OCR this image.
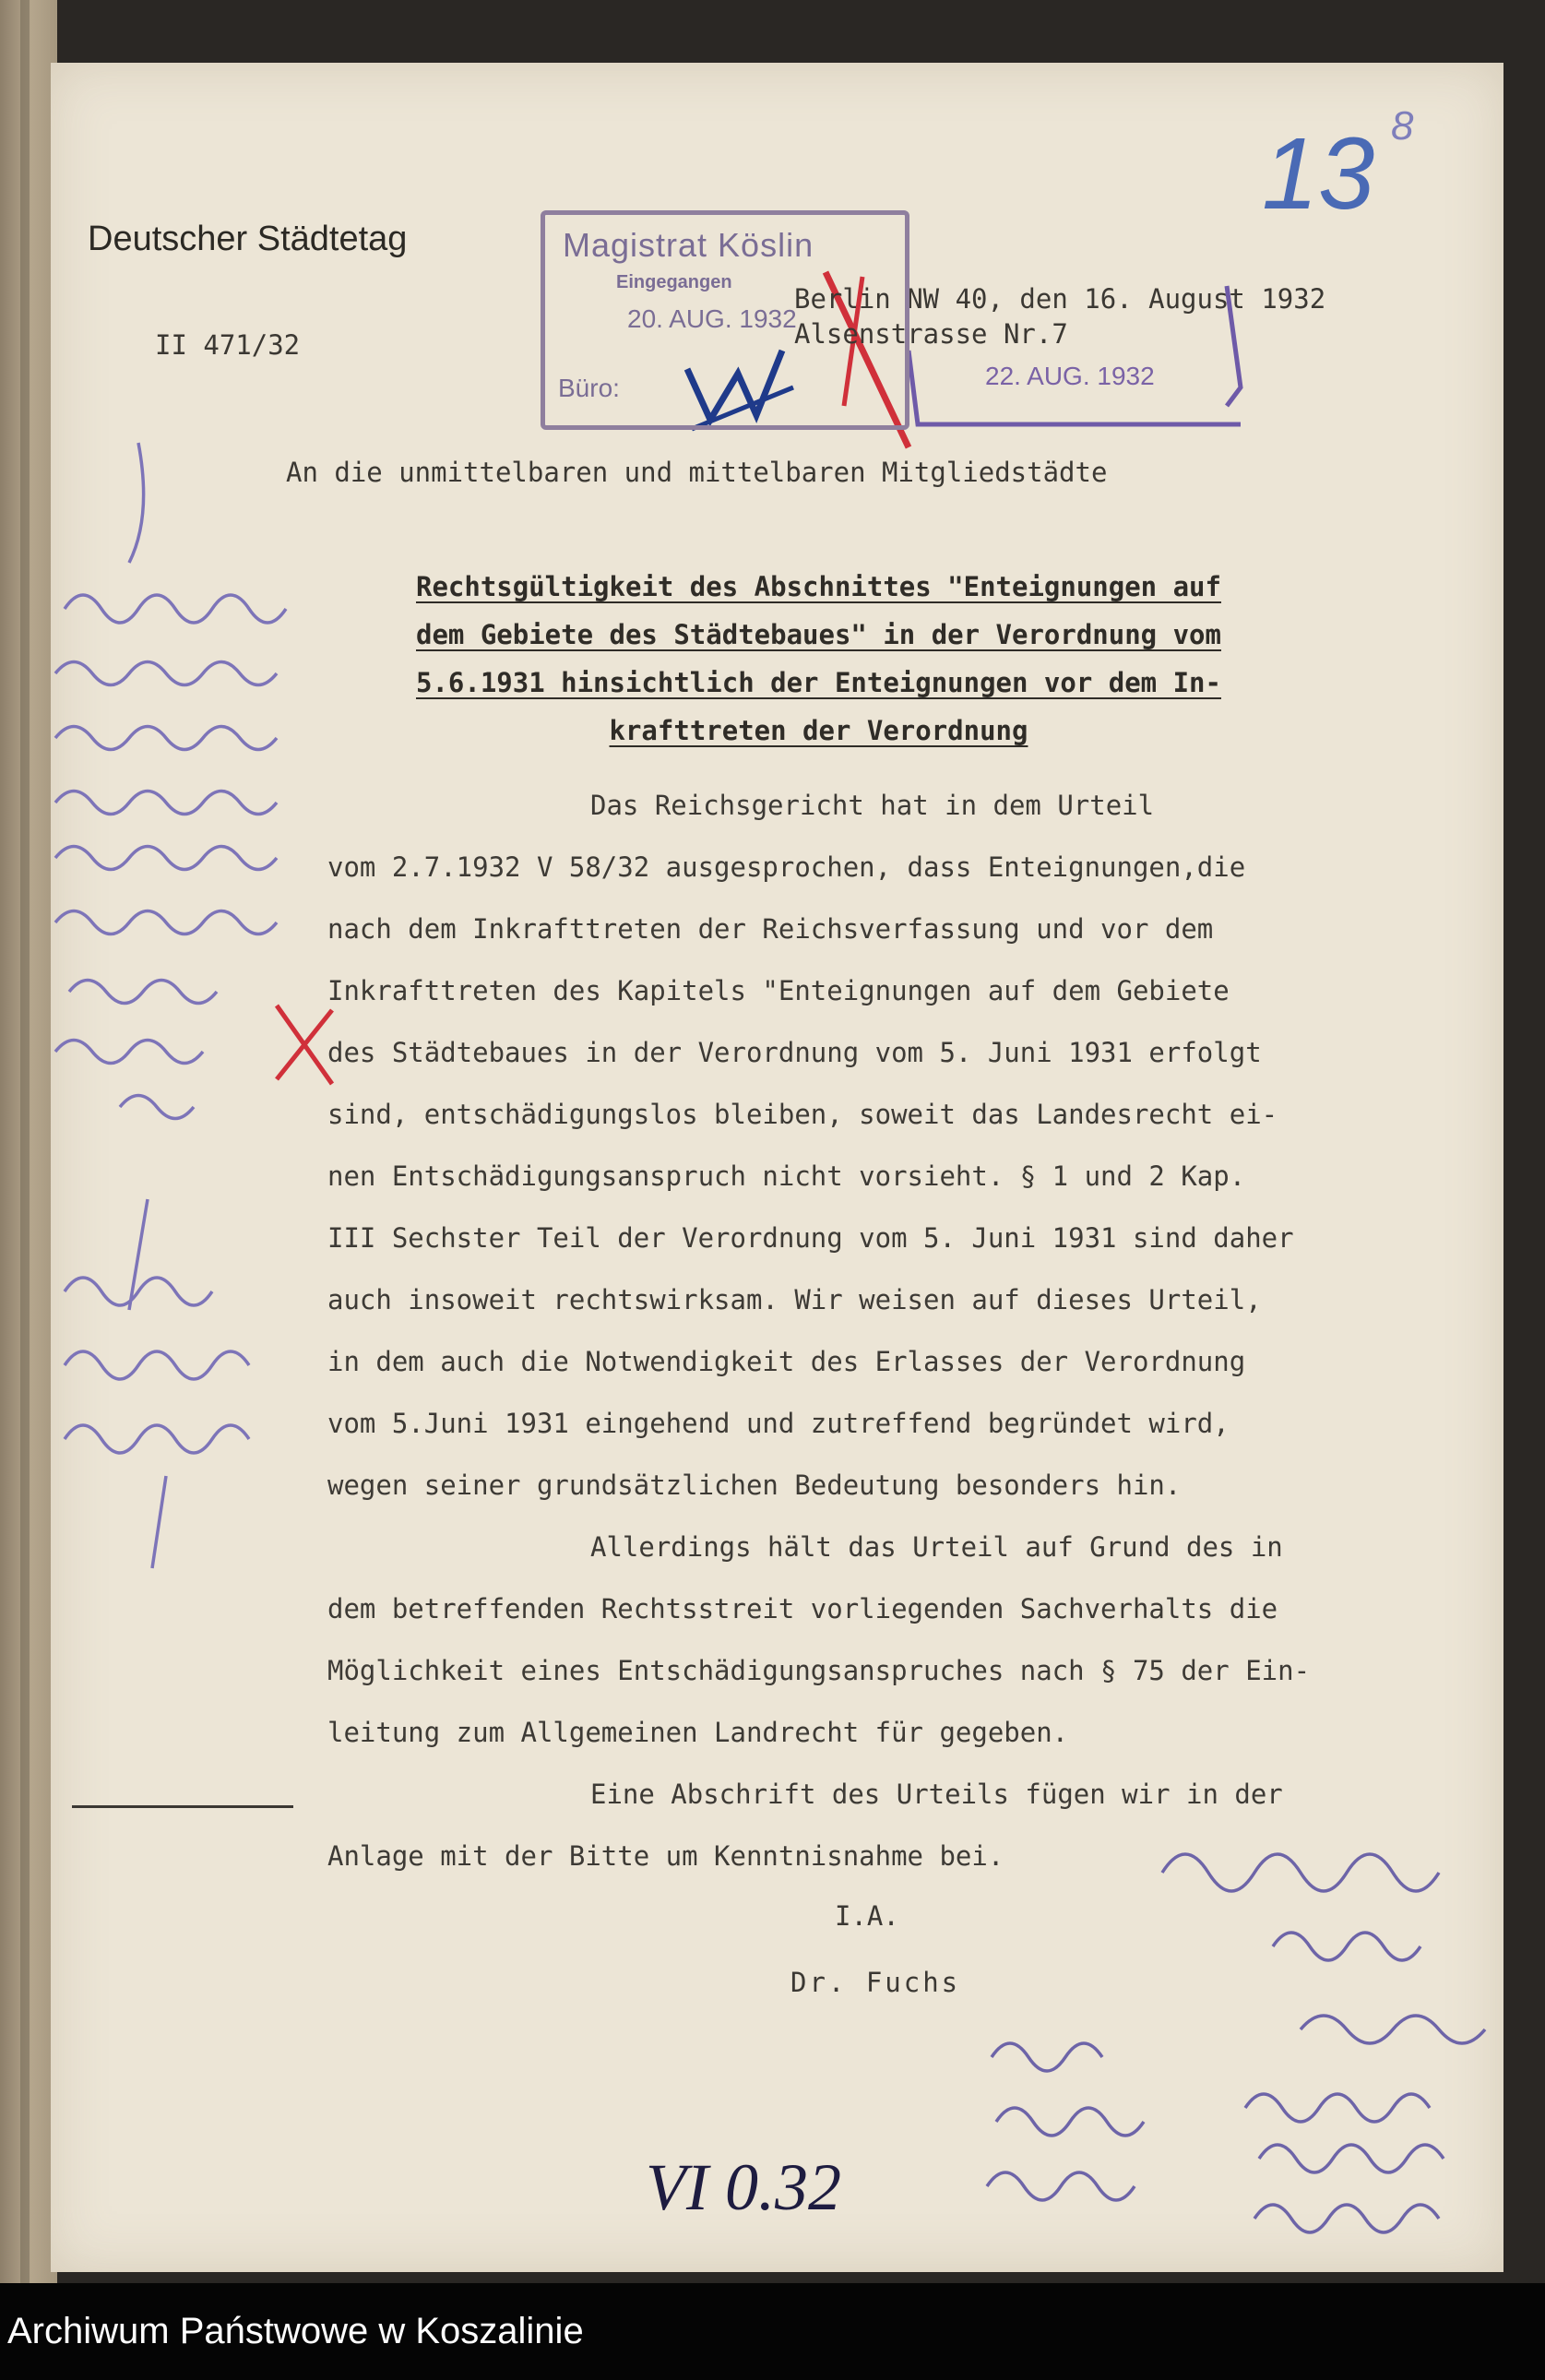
Deutscher Städtetag
II 471/32
Berlin NW 40, den 16. August 1932
Alsenstrasse Nr.7
An die unmittelbaren und mittelbaren Mitgliedstädte
Rechtsgültigkeit des Abschnittes "Enteignungen auf
dem Gebiete des Städtebaues" in der Verordnung vom
5.6.1931 hinsichtlich der Enteignungen vor dem In-
krafttreten der Verordnung
Das Reichsgericht hat in dem Urteil
vom 2.7.1932 V 58/32 ausgesprochen, dass Enteignungen,die
nach dem Inkrafttreten der Reichsverfassung und vor dem
Inkrafttreten des Kapitels "Enteignungen auf dem Gebiete
des Städtebaues in der Verordnung vom 5. Juni 1931 erfolgt
sind, entschädigungslos bleiben, soweit das Landesrecht ei-
nen Entschädigungsanspruch nicht vorsieht. § 1 und 2 Kap.
III Sechster Teil der Verordnung vom 5. Juni 1931 sind daher
auch insoweit rechtswirksam. Wir weisen auf dieses Urteil,
in dem auch die Notwendigkeit des Erlasses der Verordnung
vom 5.Juni 1931 eingehend und zutreffend begründet wird,
wegen seiner grundsätzlichen Bedeutung besonders hin.
Allerdings hält das Urteil auf Grund des in
dem betreffenden Rechtsstreit vorliegenden Sachverhalts die
Möglichkeit eines Entschädigungsanspruches nach § 75 der Ein-
leitung zum Allgemeinen Landrecht für gegeben.
Eine Abschrift des Urteils fügen wir in der
Anlage mit der Bitte um Kenntnisnahme bei.
I.A.
Dr. Fuchs
Magistrat Köslin
Eingegangen
20. AUG. 1932
Büro:	22. AUG. 1932
13 8
VI 0.32
Archiwum Państwowe w Koszalinie
